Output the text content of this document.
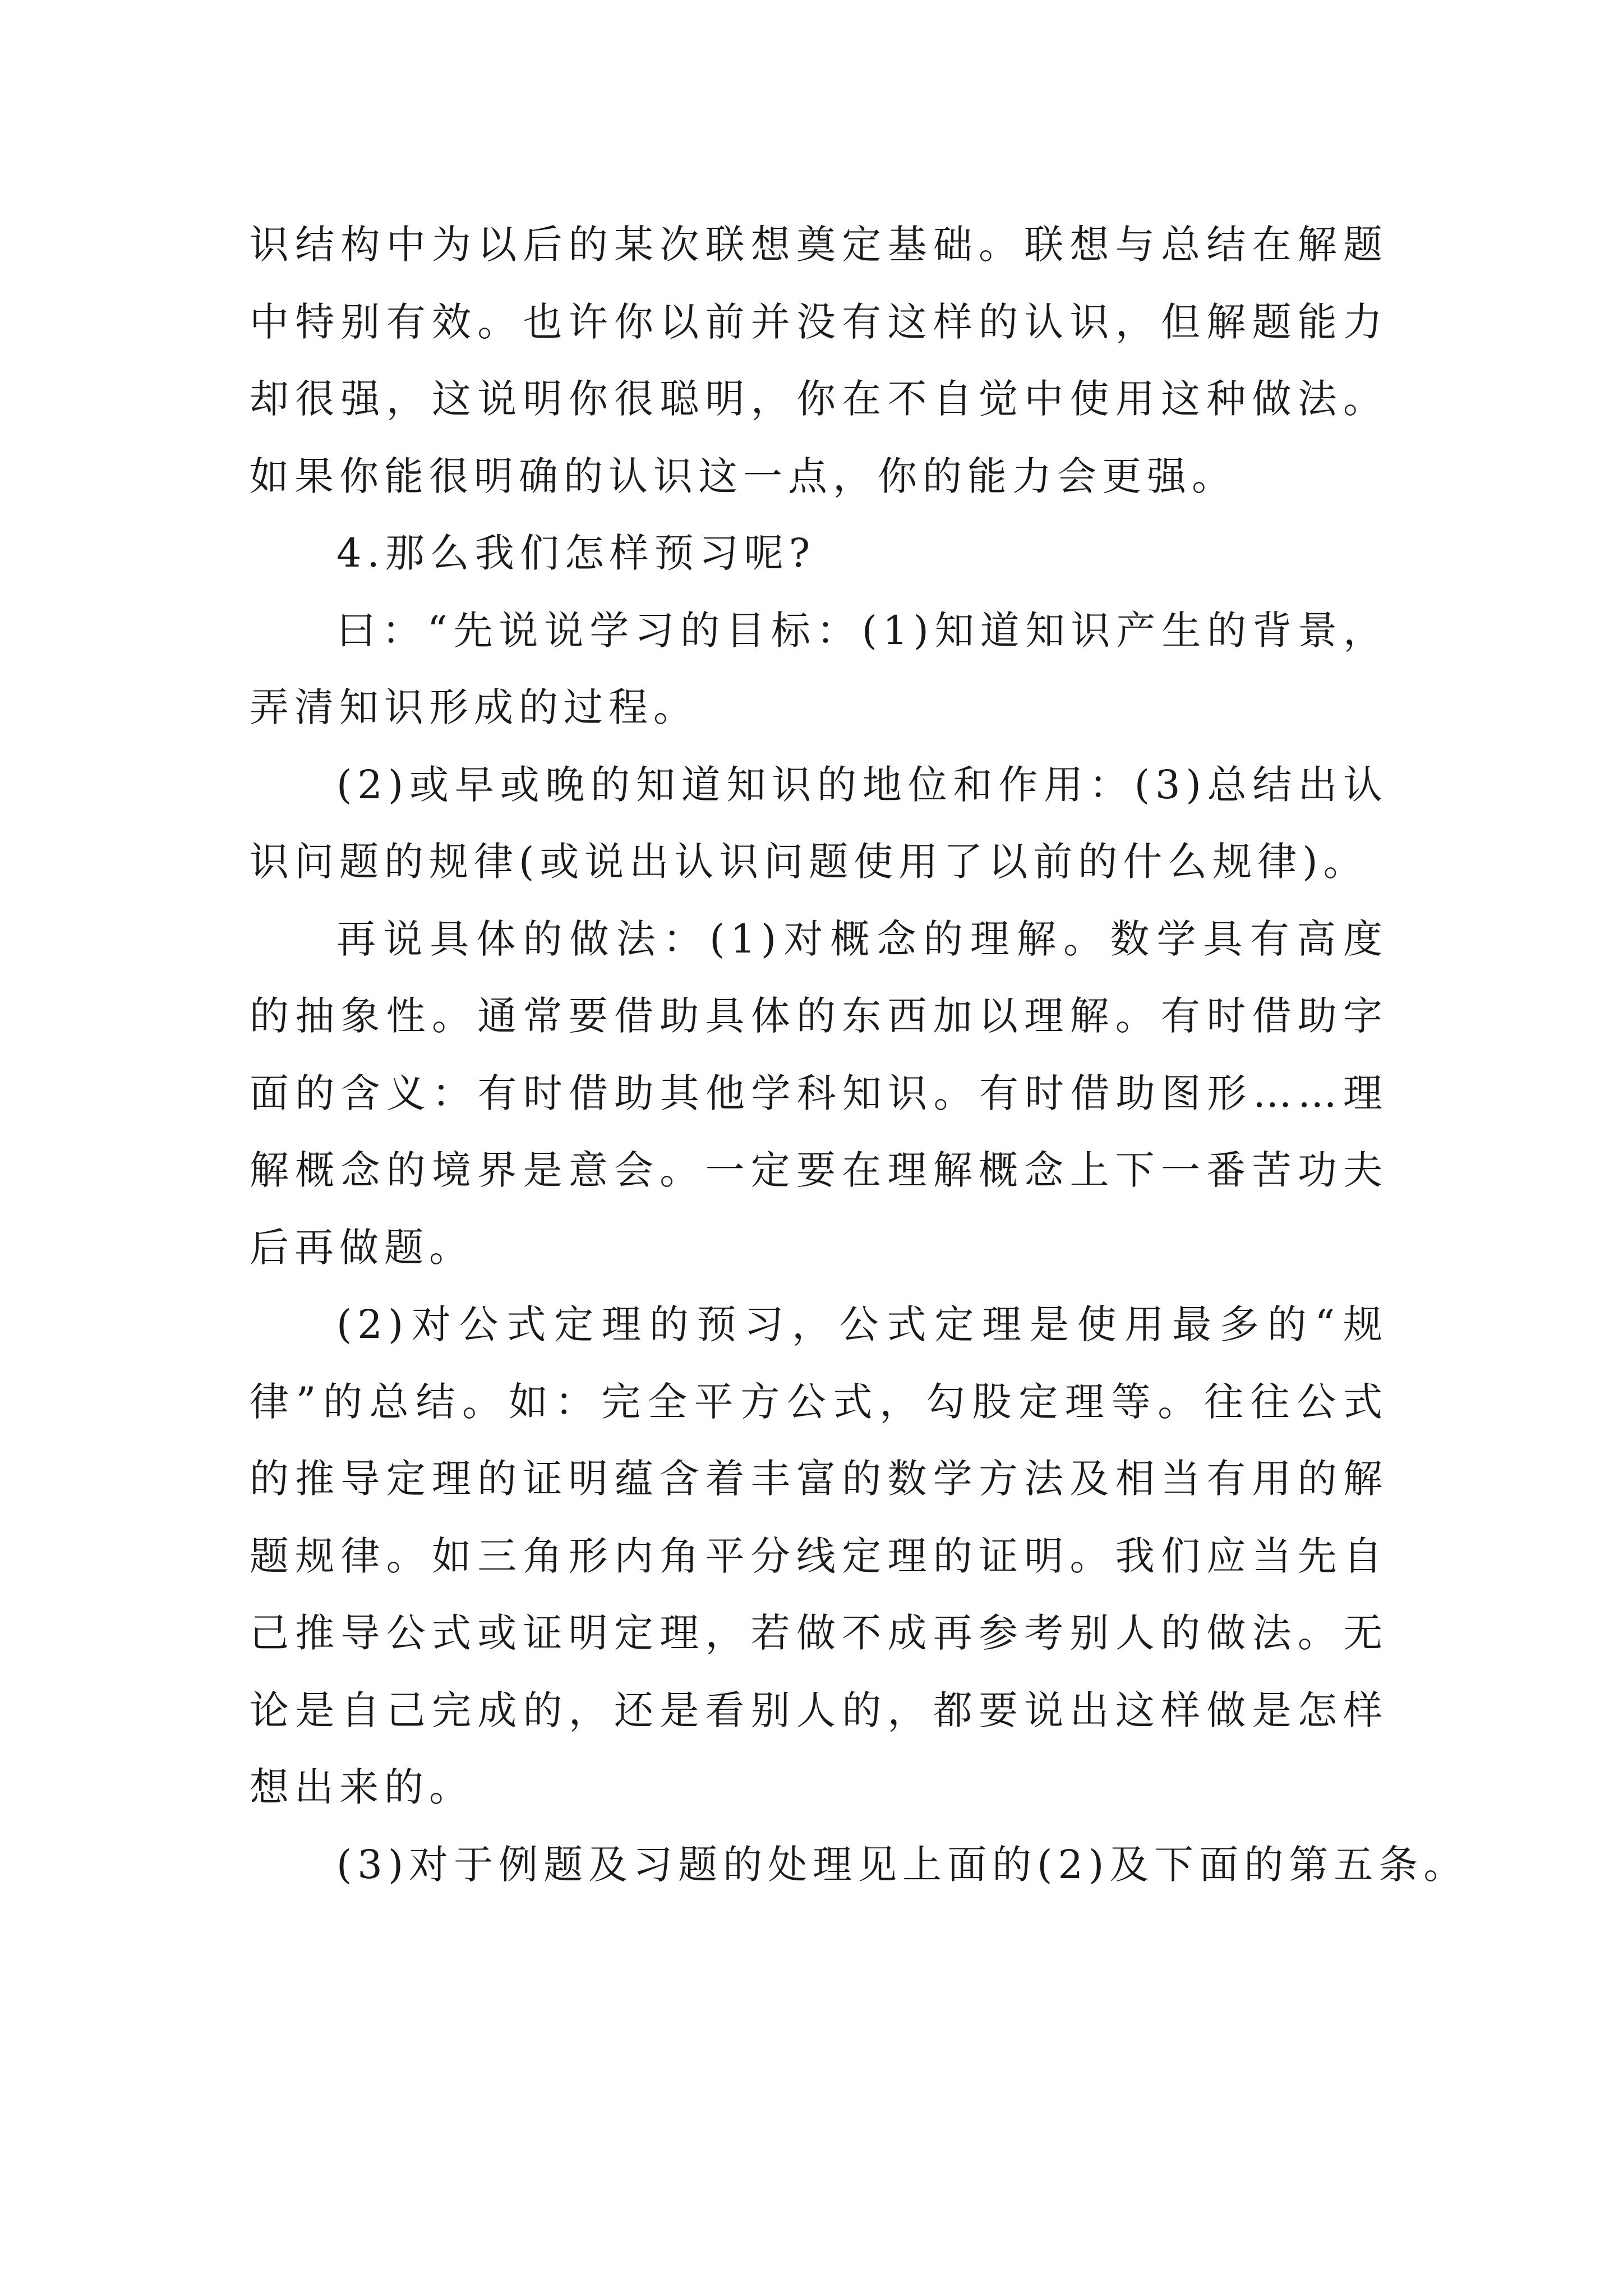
识结构中为以后的某次联想奠定基础。联想与总结在解题中特别有效。也许你以前并没有这样的认识，但解题能力却很强，这说明你很聪明，你在不自觉中使用这种做法。如果你能很明确的认识这一点，你的能力会更强。

4.那么我们怎样预习呢?

曰：“先说说学习的目标：(1)知道知识产生的背景，弄清知识形成的过程。

(2)或早或晚的知道知识的地位和作用：(3)总结出认识问题的规律(或说出认识问题使用了以前的什么规律)。

再说具体的做法：(1)对概念的理解。数学具有高度的抽象性。通常要借助具体的东西加以理解。有时借助字面的含义：有时借助其他学科知识。有时借助图形……理解概念的境界是意会。一定要在理解概念上下一番苦功夫后再做题。

(2)对公式定理的预习，公式定理是使用最多的“规律”的总结。如：完全平方公式，勾股定理等。往往公式的推导定理的证明蕴含着丰富的数学方法及相当有用的解题规律。如三角形内角平分线定理的证明。我们应当先自己推导公式或证明定理，若做不成再参考别人的做法。无论是自己完成的，还是看别人的，都要说出这样做是怎样想出来的。

(3)对于例题及习题的处理见上面的(2)及下面的第五条。
